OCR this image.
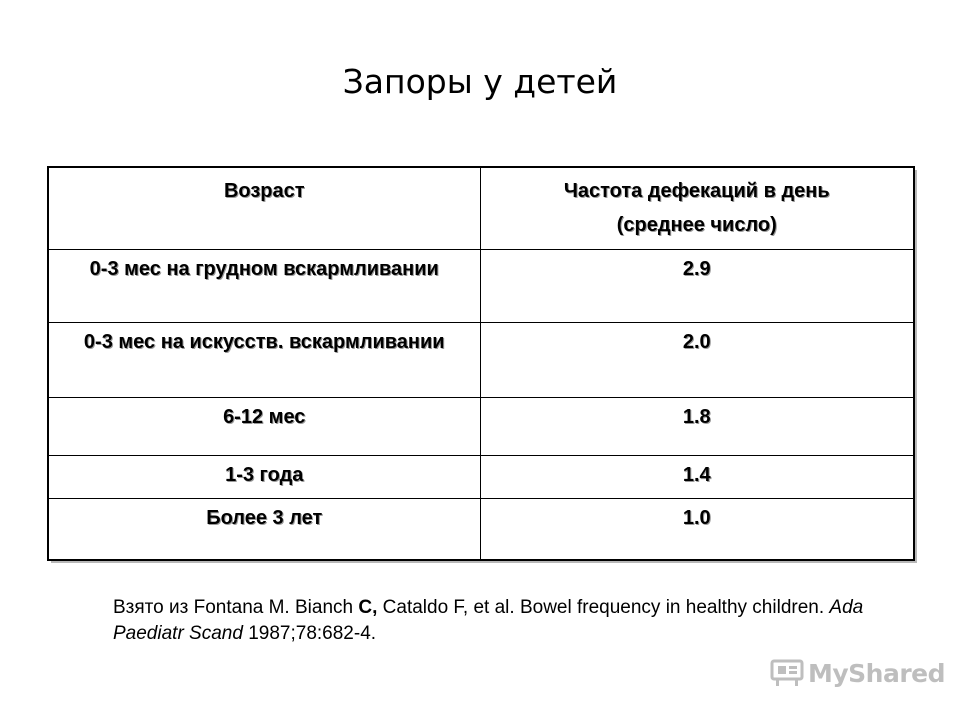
Запоры у детей
Возраст	Частота дефекаций в день
(среднее число)

0-3 мес на грудном вскармливании	2.9
0-3 мес на искусств. вскармливании	2.0
6-12 мес	1.8
1-3 года	1.4
Более 3 лет	1.0
Взято из Fontana M. Bianch C, Cataldo F, et al. Bowel frequency in healthy children. Ada Paediatr Scand 1987;78:682-4.
MyShared
